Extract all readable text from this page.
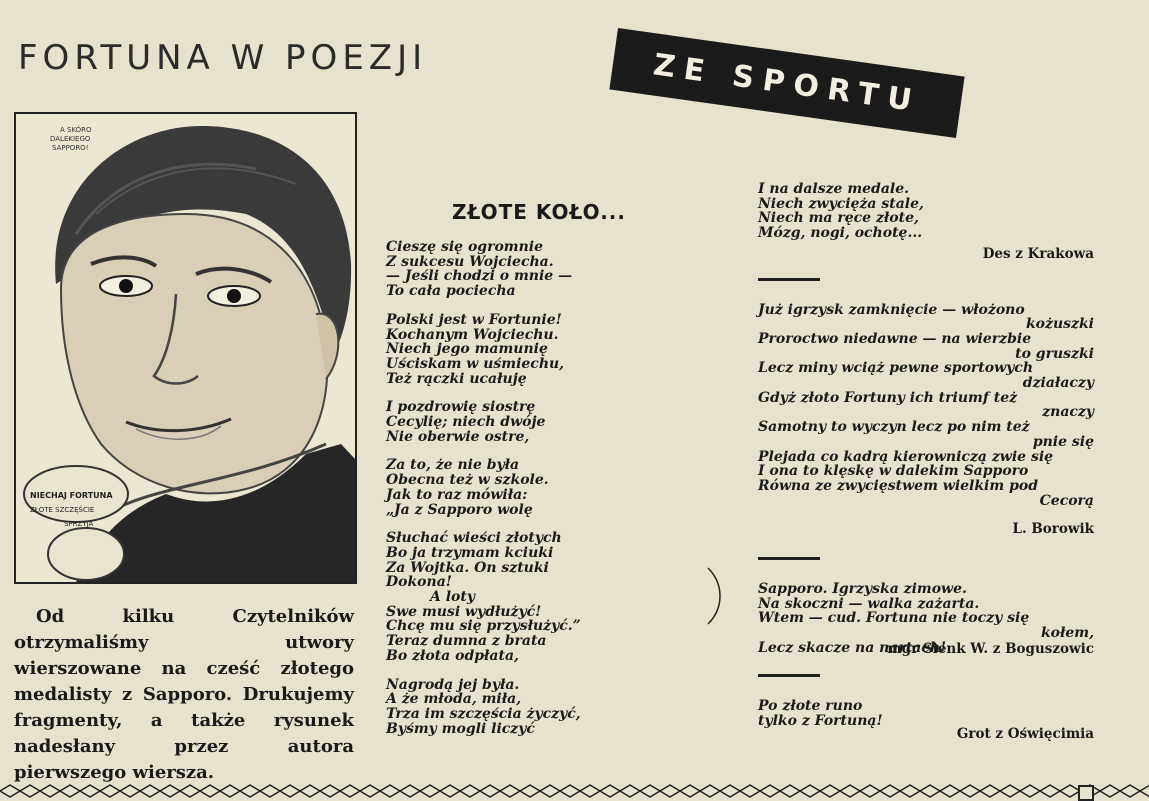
FORTUNA W POEZJI	ZE SPORTU
A SKÓRO
DALEKIEGO
SAPPORO!
NIECHAJ FORTUNA
ZŁOTE SZCZĘŚCIE
SPRZYJA

Od kilku Czytelników otrzymaliśmy utwory wierszowane na cześć złotego medalisty z Sapporo. Drukujemy fragmenty, a także rysunek nadesłany przez autora pierwszego wiersza.

ZŁOTE KOŁO...

Cieszę się ogromnie
Z sukcesu Wojciecha.
— Jeśli chodzi o mnie —
To cała pociecha

Polski jest w Fortunie!
Kochanym Wojciechu.
Niech jego mamunię
Uściskam w uśmiechu,
Też rączki ucałuję

I pozdrowię siostrę
Cecylię; niech dwóje
Nie oberwie ostre,

Za to, że nie była
Obecna też w szkole.
Jak to raz mówiła:
„Ja z Sapporo wolę

Słuchać wieści złotych
Bo ja trzymam kciuki
Za Wojtka. On sztuki
Dokona!
A loty
Swe musi wydłużyć!
Chcę mu się przysłużyć.”
Teraz dumna z brata
Bo złota odpłata,

Nagrodą jej była.
A że młoda, miła,
Trza im szczęścia życzyć,
Byśmy mogli liczyć

I na dalsze medale.
Niech zwycięża stale,
Niech ma ręce złote,
Mózg, nogi, ochotę...
Des z Krakowa
Już igrzysk zamknięcie — włożono
kożuszki
Proroctwo niedawne — na wierzbie
to gruszki
Lecz miny wciąż pewne sportowych
działaczy
Gdyż złoto Fortuny ich triumf też
znaczy
Samotny to wyczyn lecz po nim też
pnie się
Plejada co kadrą kierowniczą zwie się
I ona to klęskę w dalekim Sapporo
Równa ze zwycięstwem wielkim pod
Cecorą
L. Borowik
Sapporo. Igrzyska zimowe.
Na skoczni — walka zażarta.
Wtem — cud. Fortuna nie toczy się
kołem,
Lecz skacze na nartach!
mgr Sienk W. z Boguszowic
Po złote runo
tylko z Fortuną!
Grot z Oświęcimia
